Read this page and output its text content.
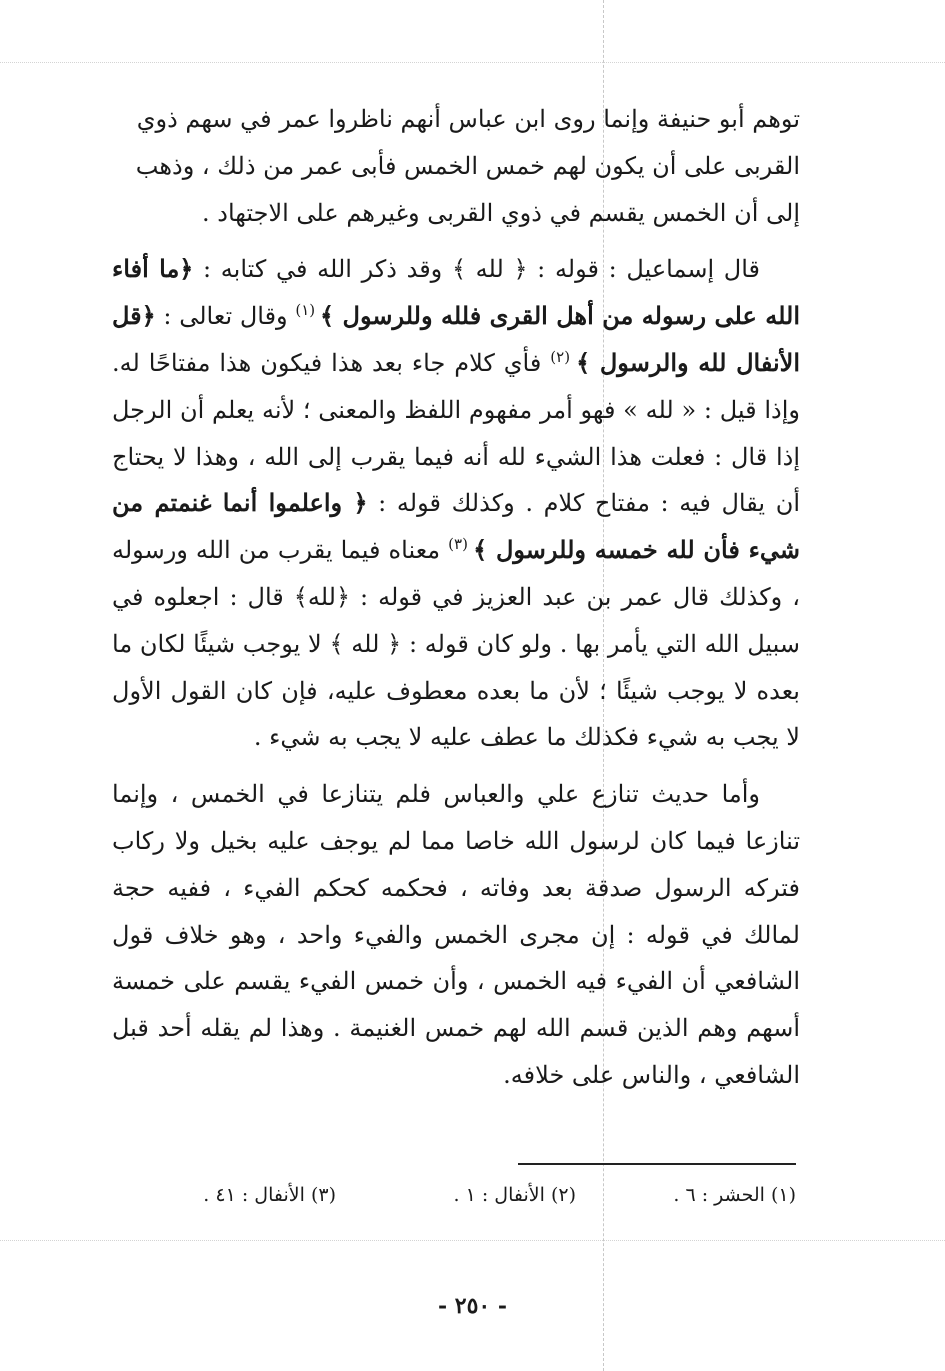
توهم أبو حنيفة وإنما روى ابن عباس أنهم ناظروا عمر في سهم ذوي

القربى على أن يكون لهم خمس الخمس فأبى عمر من ذلك ، وذهب

إلى أن الخمس يقسم في ذوي القربى وغيرهم على الاجتهاد .

قال إسماعيل : قوله : ﴿ لله ﴾ وقد ذكر الله في كتابه : ﴿ما أفاء الله على رسوله من أهل القرى فلله وللرسول ﴾ $^{(١)}$ وقال تعالى : ﴿قل الأنفال لله والرسول ﴾ $^{(٢)}$ فأي كلام جاء بعد هذا فيكون هذا مفتاحًا له. وإذا قيل : « لله » فهو أمر مفهوم اللفظ والمعنى ؛ لأنه يعلم أن الرجل إذا قال : فعلت هذا الشيء لله أنه فيما يقرب إلى الله ، وهذا لا يحتاج أن يقال فيه : مفتاح كلام . وكذلك قوله : ﴿ واعلموا أنما غنمتم من شيء فأن لله خمسه وللرسول ﴾ $^{(٣)}$ معناه فيما يقرب من الله ورسوله ، وكذلك قال عمر بن عبد العزيز في قوله : ﴿لله﴾ قال : اجعلوه في سبيل الله التي يأمر بها . ولو كان قوله : ﴿ لله ﴾ لا يوجب شيئًا لكان ما بعده لا يوجب شيئًا ؛ لأن ما بعده معطوف عليه، فإن كان القول الأول لا يجب به شيء فكذلك ما عطف عليه لا يجب به شيء .
وأما حديث تنازع علي والعباس فلم يتنازعا في الخمس ، وإنما تنازعا فيما كان لرسول الله خاصا مما لم يوجف عليه بخيل ولا ركاب فتركه الرسول صدقة بعد وفاته ، فحكمه كحكم الفيء ، ففيه حجة لمالك في قوله : إن مجرى الخمس والفيء واحد ، وهو خلاف قول الشافعي أن الفيء فيه الخمس ، وأن خمس الفيء يقسم على خمسة أسهم وهم الذين قسم الله لهم خمس الغنيمة . وهذا لم يقله أحد قبل الشافعي ، والناس على خلافه.
(١) الحشر : ٦ .
(٢) الأنفال : ١ .
(٣) الأنفال : ٤١ .
- ٢٥٠ -
